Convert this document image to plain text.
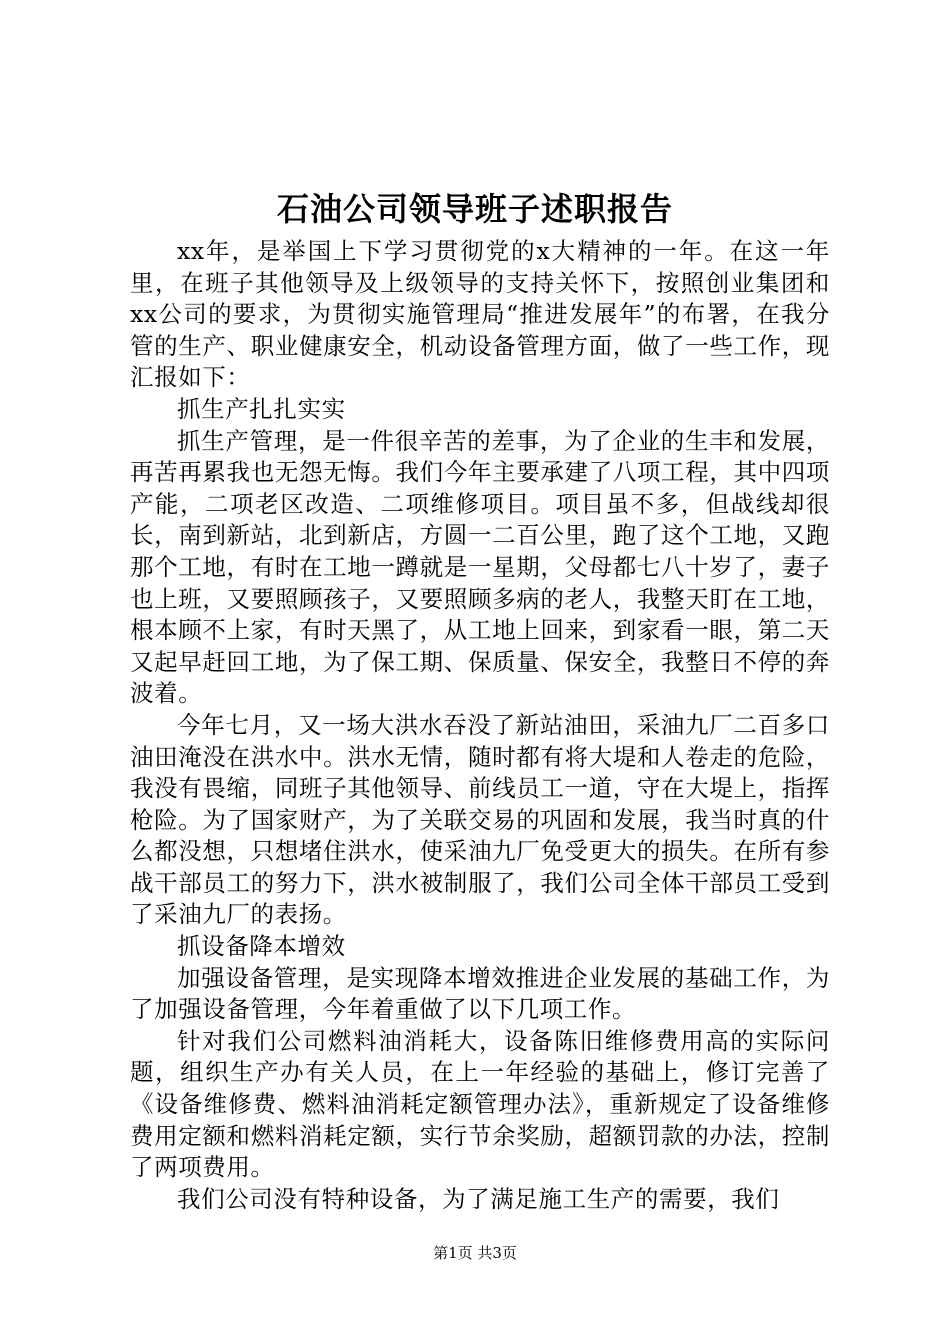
石油公司领导班子述职报告

xx年，是举国上下学习贯彻党的x大精神的一年。在这一年里，在班子其他领导及上级领导的支持关怀下，按照创业集团和xx公司的要求，为贯彻实施管理局“推进发展年”的布署，在我分管的生产、职业健康安全，机动设备管理方面，做了一些工作，现汇报如下：

抓生产扎扎实实

抓生产管理，是一件很辛苦的差事，为了企业的生丰和发展，再苦再累我也无怨无悔。我们今年主要承建了八项工程，其中四项产能，二项老区改造、二项维修项目。项目虽不多，但战线却很长，南到新站，北到新店，方圆一二百公里，跑了这个工地，又跑那个工地，有时在工地一蹲就是一星期，父母都七八十岁了，妻子也上班，又要照顾孩子，又要照顾多病的老人，我整天盯在工地，根本顾不上家，有时天黑了，从工地上回来，到家看一眼，第二天又起早赶回工地，为了保工期、保质量、保安全，我整日不停的奔波着。

今年七月，又一场大洪水吞没了新站油田，采油九厂二百多口油田淹没在洪水中。洪水无情，随时都有将大堤和人卷走的危险，我没有畏缩，同班子其他领导、前线员工一道，守在大堤上，指挥枪险。为了国家财产，为了关联交易的巩固和发展，我当时真的什么都没想，只想堵住洪水，使采油九厂免受更大的损失。在所有参战干部员工的努力下，洪水被制服了，我们公司全体干部员工受到了采油九厂的表扬。

抓设备降本增效

加强设备管理，是实现降本增效推进企业发展的基础工作，为了加强设备管理，今年着重做了以下几项工作。

针对我们公司燃料油消耗大，设备陈旧维修费用高的实际问题，组织生产办有关人员，在上一年经验的基础上，修订完善了《设备维修费、燃料油消耗定额管理办法》，重新规定了设备维修费用定额和燃料消耗定额，实行节余奖励，超额罚款的办法，控制了两项费用。

我们公司没有特种设备，为了满足施工生产的需要，我们

第1页 共3页
